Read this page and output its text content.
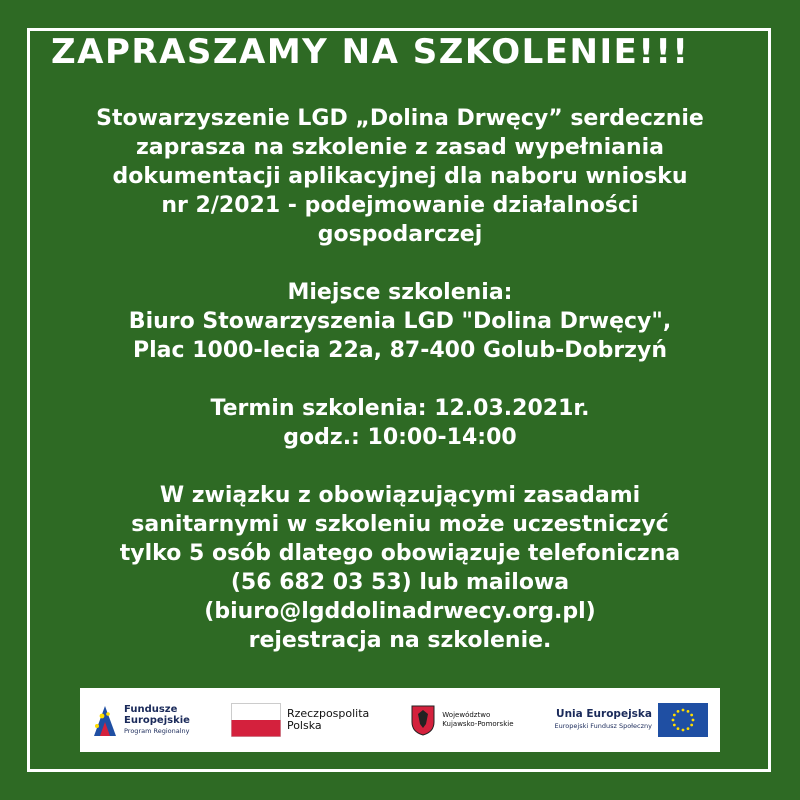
ZAPRASZAMY NA SZKOLENIE!!!
Stowarzyszenie LGD „Dolina Drwęcy” serdecznie
zaprasza na szkolenie z zasad wypełniania
dokumentacji aplikacyjnej dla naboru wniosku
nr 2/2021 - podejmowanie działalności
gospodarczej
Miejsce szkolenia:
Biuro Stowarzyszenia LGD "Dolina Drwęcy",
Plac 1000-lecia 22a, 87-400 Golub-Dobrzyń
Termin szkolenia: 12.03.2021r.
godz.: 10:00-14:00
W związku z obowiązującymi zasadami
sanitarnymi w szkoleniu może uczestniczyć
tylko 5 osób dlatego obowiązuje telefoniczna
(56 682 03 53) lub mailowa
(biuro@lgddolinadrwecy.org.pl)
rejestracja na szkolenie.
Fundusze
Europejskie
Program Regionalny
Rzeczpospolita
Polska
Województwo
Kujawsko-Pomorskie
Unia Europejska
Europejski Fundusz Społeczny
